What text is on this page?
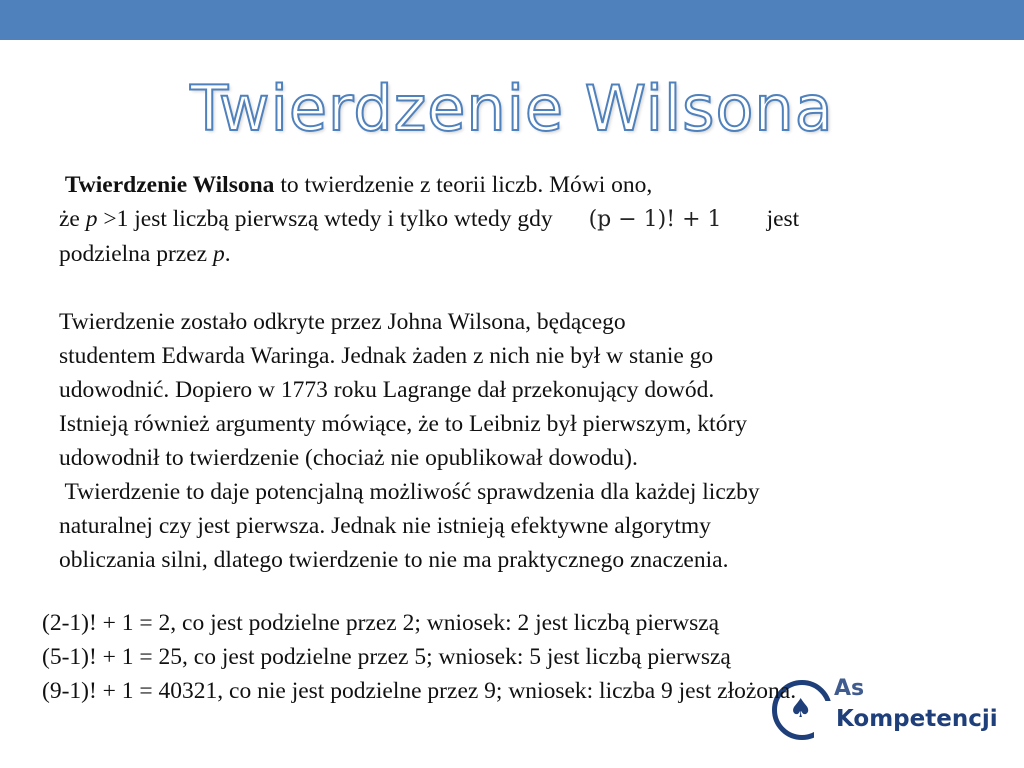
Twierdzenie Wilsona

Twierdzenie Wilsona to twierdzenie z teorii liczb. Mówi ono,

że p >1 jest liczbą pierwszą wtedy i tylko wtedy gdy (p − 1)! + 1 jest

podzielna przez p.

Twierdzenie zostało odkryte przez Johna Wilsona, będącego

studentem Edwarda Waringa. Jednak żaden z nich nie był w stanie go

udowodnić. Dopiero w 1773 roku Lagrange dał przekonujący dowód.

Istnieją również argumenty mówiące, że to Leibniz był pierwszym, który

udowodnił to twierdzenie (chociaż nie opublikował dowodu).

Twierdzenie to daje potencjalną możliwość sprawdzenia dla każdej liczby

naturalnej czy jest pierwsza. Jednak nie istnieją efektywne algorytmy

obliczania silni, dlatego twierdzenie to nie ma praktycznego znaczenia.

♠
As
Kompetencji
(2-1)! + 1 = 2, co jest podzielne przez 2; wniosek: 2 jest liczbą pierwszą
(5-1)! + 1 = 25, co jest podzielne przez 5; wniosek: 5 jest liczbą pierwszą
(9-1)! + 1 = 40321, co nie jest podzielne przez 9; wniosek: liczba 9 jest złożona.
